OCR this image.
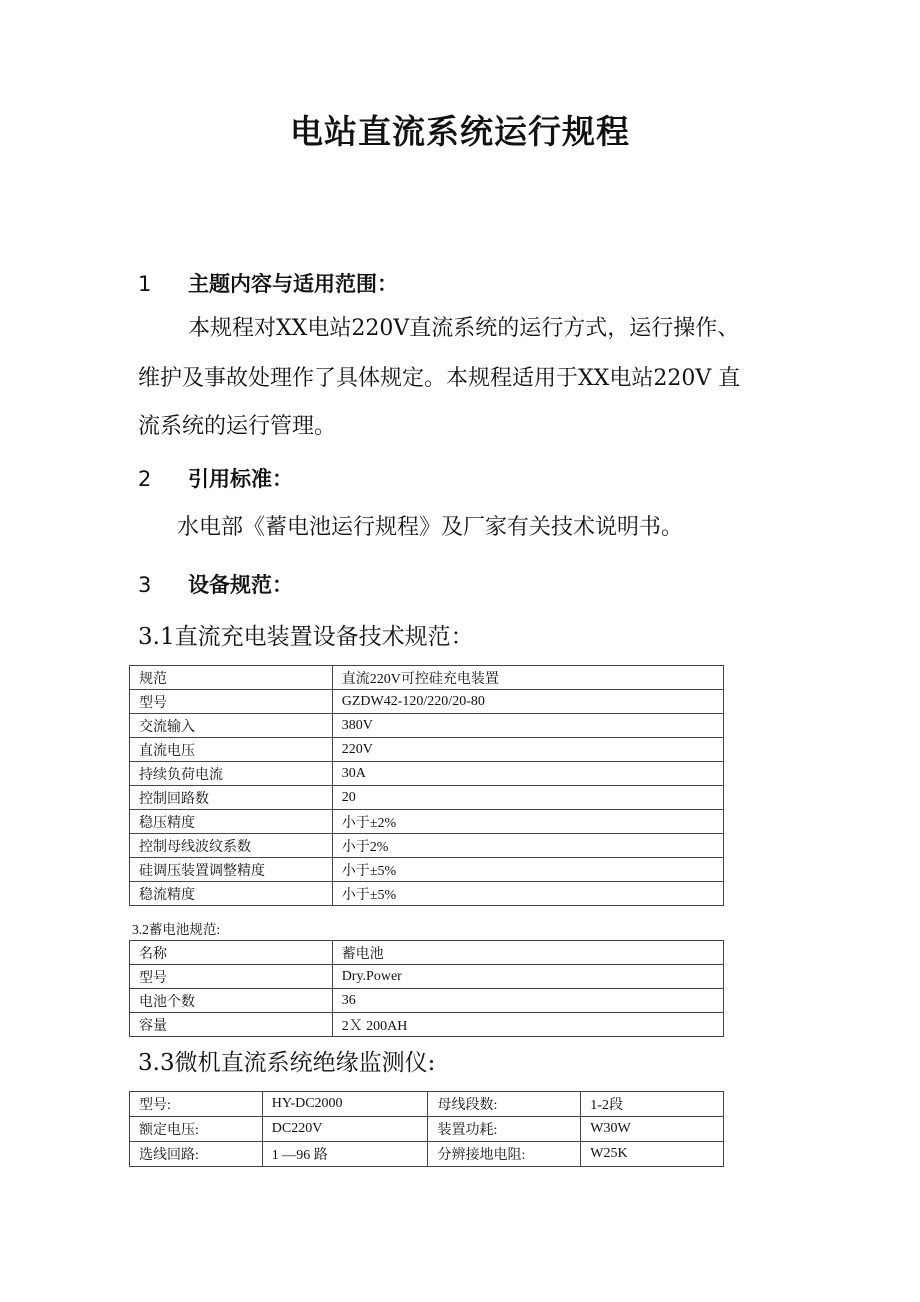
电站直流系统运行规程
1 主题内容与适用范围：
本规程对XX电站220V直流系统的运行方式，运行操作、
维护及事故处理作了具体规定。本规程适用于XX电站220V 直
流系统的运行管理。
2 引用标准：
水电部《蓄电池运行规程》及厂家有关技术说明书。
3 设备规范：
3.1直流充电装置设备技术规范：
规范	直流220V可控硅充电装置
型号	GZDW42-120/220/20-80
交流输入	380V
直流电压	220V
持续负荷电流	30A
控制回路数	20
稳压精度	小于±2%
控制母线波纹系数	小于2%
硅调压装置调整精度	小于±5%
稳流精度	小于±5%
3.2蓄电池规范:
名称	蓄电池
型号	Dry.Power
电池个数	36
容量	2Ｘ 200AH
3.3微机直流系统绝缘监测仪:
型号:	HY-DC2000	母线段数:	1-2段
额定电压:	DC220V	装置功耗:	W30W
选线回路:	1 —96 路	分辨接地电阻:	W25K
